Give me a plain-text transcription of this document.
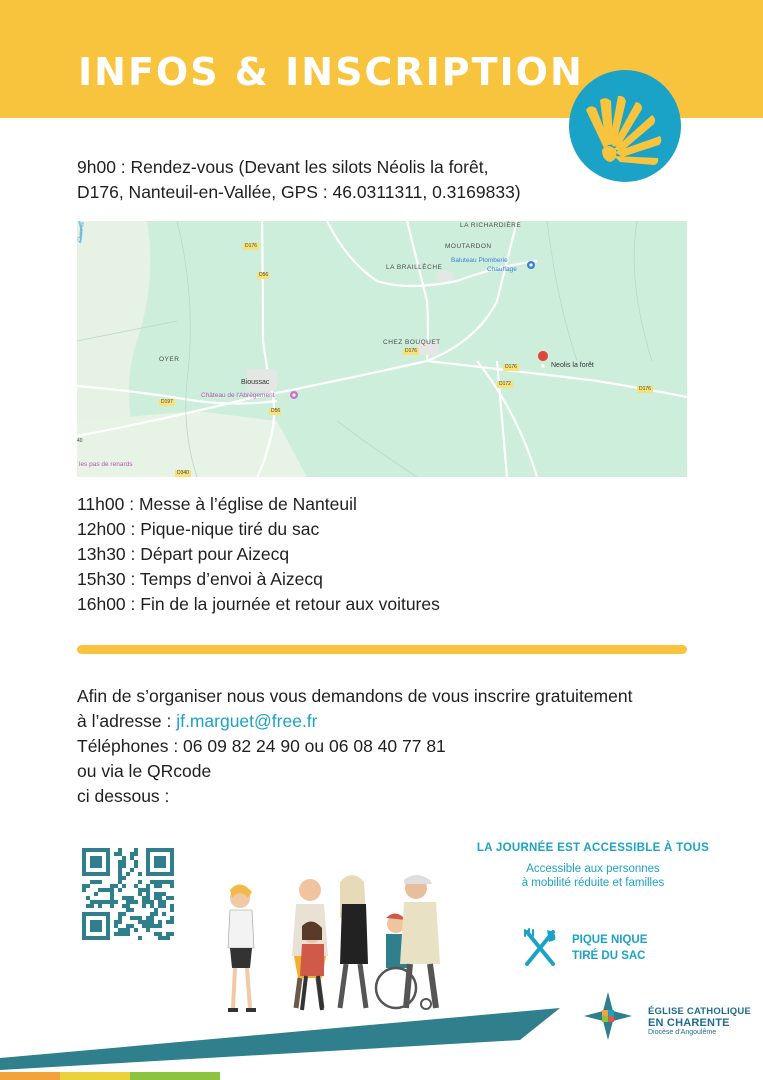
INFOS & INSCRIPTION
9h00 : Rendez-vous (Devant les silots Néolis la forêt,
D176, Nanteuil-en-Vallée, GPS : 46.0311311, 0.3169833)
LA RICHARDIÈRE
MOUTARDON
LA BRAILLÈCHE
Baluteau Plomberie
Chauffage
CHEZ BOUQUET
OYER
Bioussac
Château de l'Abrègement
Neolis la forêt
les pas de renards
D176
D56
D197
D56
D176
D176
D172
D176
D340
40
Charente
11h00 : Messe à l’église de Nanteuil
12h00 : Pique-nique tiré du sac
13h30 : Départ pour Aizecq
15h30 : Temps d’envoi à Aizecq
16h00 : Fin de la journée et retour aux voitures
Afin de s’organiser nous vous demandons de vous inscrire gratuitement
à l’adresse : jf.marguet@free.fr
Téléphones : 06 09 82 24 90 ou 06 08 40 77 81
ou via le QRcode
ci dessous :
LA JOURNÉE EST ACCESSIBLE À TOUS
Accessible aux personnes
à mobilité réduite et familles
PIQUE NIQUE
TIRÉ DU SAC
ÉGLISE CATHOLIQUE
EN CHARENTE
Diocèse d’Angoulême
